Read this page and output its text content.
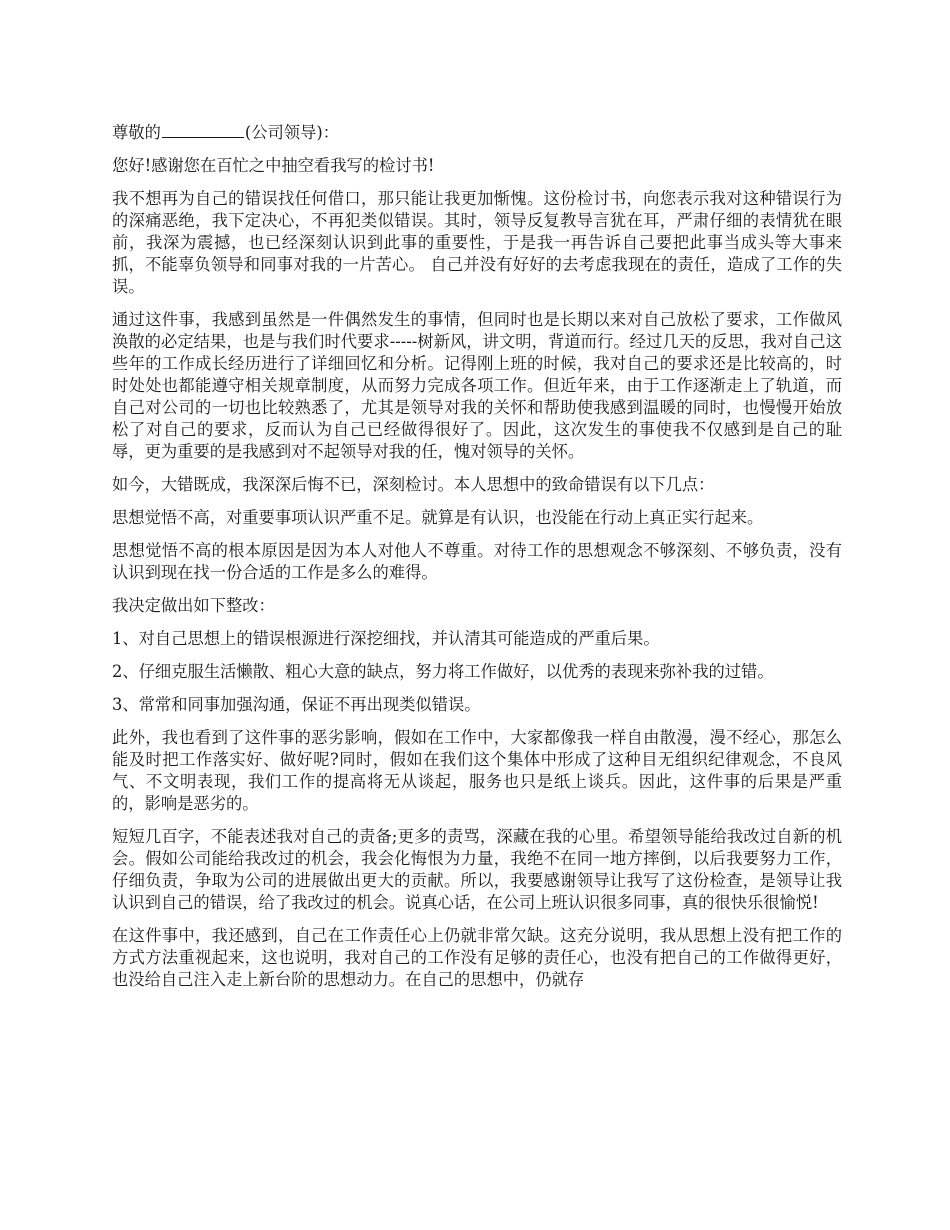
尊敬的	(公司领导)：

您好!感谢您在百忙之中抽空看我写的检讨书!

我不想再为自己的错误找任何借口，那只能让我更加惭愧。这份检讨书，向您表示我对这种错误行为的深痛恶绝，我下定决心，不再犯类似错误。其时，领导反复教导言犹在耳，严肃仔细的表情犹在眼前，我深为震撼，也已经深刻认识到此事的重要性，于是我一再告诉自己要把此事当成头等大事来抓，不能辜负领导和同事对我的一片苦心。 自己并没有好好的去考虑我现在的责任，造成了工作的失误。

通过这件事，我感到虽然是一件偶然发生的事情，但同时也是长期以来对自己放松了要求，工作做风涣散的必定结果，也是与我们时代要求-----树新风，讲文明，背道而行。经过几天的反思，我对自己这些年的工作成长经历进行了详细回忆和分析。记得刚上班的时候，我对自己的要求还是比较高的，时时处处也都能遵守相关规章制度，从而努力完成各项工作。但近年来，由于工作逐渐走上了轨道，而自己对公司的一切也比较熟悉了，尤其是领导对我的关怀和帮助使我感到温暖的同时，也慢慢开始放松了对自己的要求，反而认为自己已经做得很好了。因此，这次发生的事使我不仅感到是自己的耻辱，更为重要的是我感到对不起领导对我的任，愧对领导的关怀。

如今，大错既成，我深深后悔不已，深刻检讨。本人思想中的致命错误有以下几点：

思想觉悟不高，对重要事项认识严重不足。就算是有认识，也没能在行动上真正实行起来。

思想觉悟不高的根本原因是因为本人对他人不尊重。对待工作的思想观念不够深刻、不够负责，没有认识到现在找一份合适的工作是多么的难得。

我决定做出如下整改：

1、对自己思想上的错误根源进行深挖细找，并认清其可能造成的严重后果。

2、仔细克服生活懒散、粗心大意的缺点，努力将工作做好，以优秀的表现来弥补我的过错。

3、常常和同事加强沟通，保证不再出现类似错误。

此外，我也看到了这件事的恶劣影响，假如在工作中，大家都像我一样自由散漫，漫不经心，那怎么能及时把工作落实好、做好呢?同时，假如在我们这个集体中形成了这种目无组织纪律观念，不良风气、不文明表现，我们工作的提高将无从谈起，服务也只是纸上谈兵。因此，这件事的后果是严重的，影响是恶劣的。

短短几百字，不能表述我对自己的责备;更多的责骂，深藏在我的心里。希望领导能给我改过自新的机会。假如公司能给我改过的机会，我会化悔恨为力量，我绝不在同一地方摔倒，以后我要努力工作，仔细负责，争取为公司的进展做出更大的贡献。所以，我要感谢领导让我写了这份检查，是领导让我认识到自己的错误，给了我改过的机会。说真心话，在公司上班认识很多同事，真的很快乐很愉悦!

在这件事中，我还感到，自己在工作责任心上仍就非常欠缺。这充分说明，我从思想上没有把工作的方式方法重视起来，这也说明，我对自己的工作没有足够的责任心，也没有把自己的工作做得更好，也没给自己注入走上新台阶的思想动力。在自己的思想中，仍就存
